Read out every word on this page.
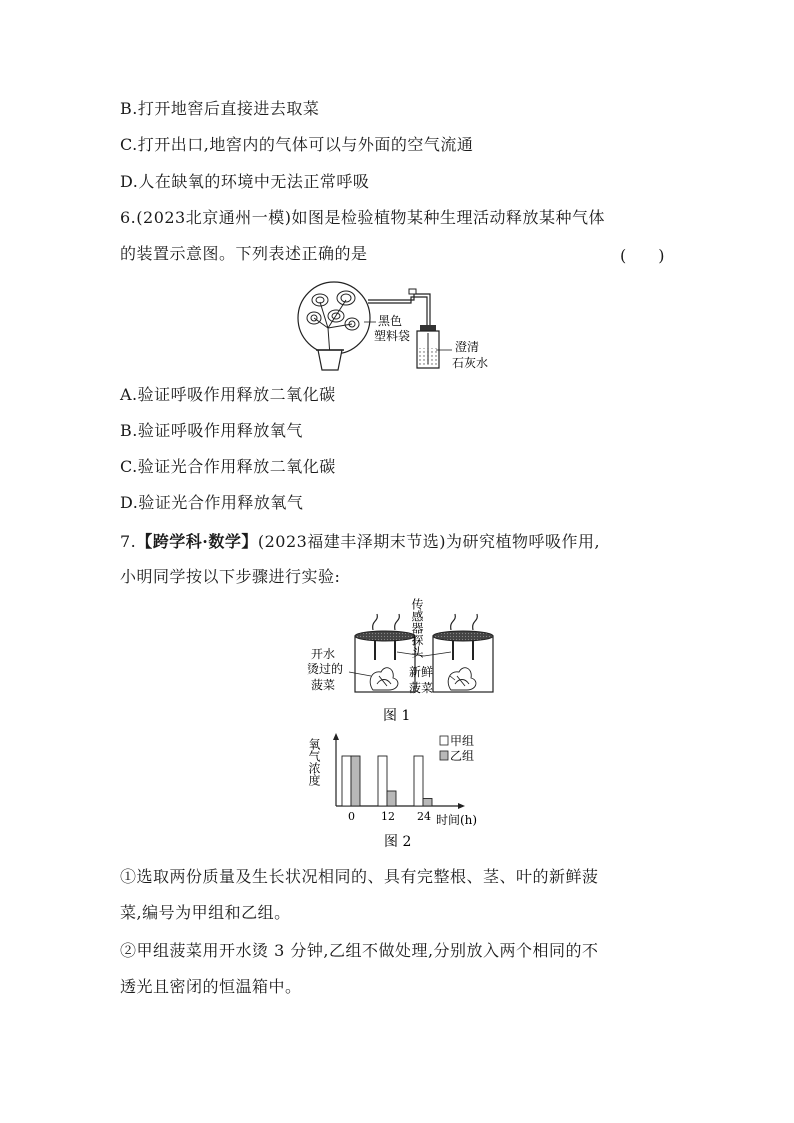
B.打开地窖后直接进去取菜
C.打开出口,地窖内的气体可以与外面的空气流通
D.人在缺氧的环境中无法正常呼吸
6.(2023北京通州一模)如图是检验植物某种生理活动释放某种气体
的装置示意图。下列表述正确的是	(　　)
黑色
塑料袋
澄清
石灰水
A.验证呼吸作用释放二氧化碳
B.验证呼吸作用释放氧气
C.验证光合作用释放二氧化碳
D.验证光合作用释放氧气
7.【跨学科·数学】(2023福建丰泽期末节选)为研究植物呼吸作用,
小明同学按以下步骤进行实验:
开水
烫过的
菠菜
传感器探头
新鲜
菠菜
图 1
氧气浓度
0 12 24 时间(h)
甲组
乙组
图 2
①选取两份质量及生长状况相同的、具有完整根、茎、叶的新鲜菠
菜,编号为甲组和乙组。
②甲组菠菜用开水烫 3 分钟,乙组不做处理,分别放入两个相同的不
透光且密闭的恒温箱中。
